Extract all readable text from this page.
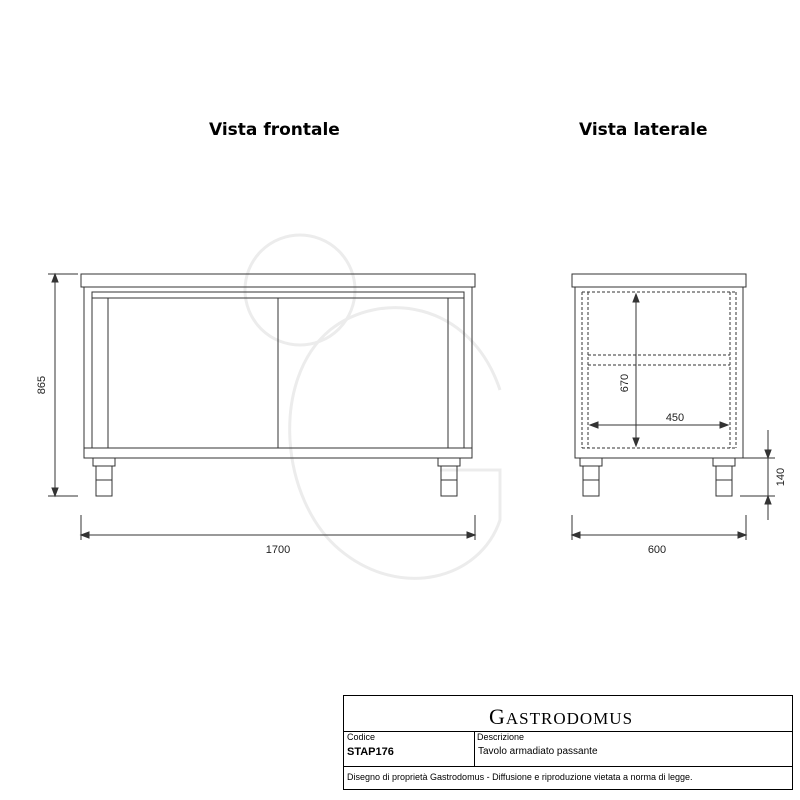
Vista frontale	Vista laterale
865
1700
670
450
600
140
GASTRODOMUS
Codice
STAP176
Descrizione
Tavolo armadiato passante
Disegno di proprietà Gastrodomus - Diffusione e riproduzione vietata a norma di legge.
